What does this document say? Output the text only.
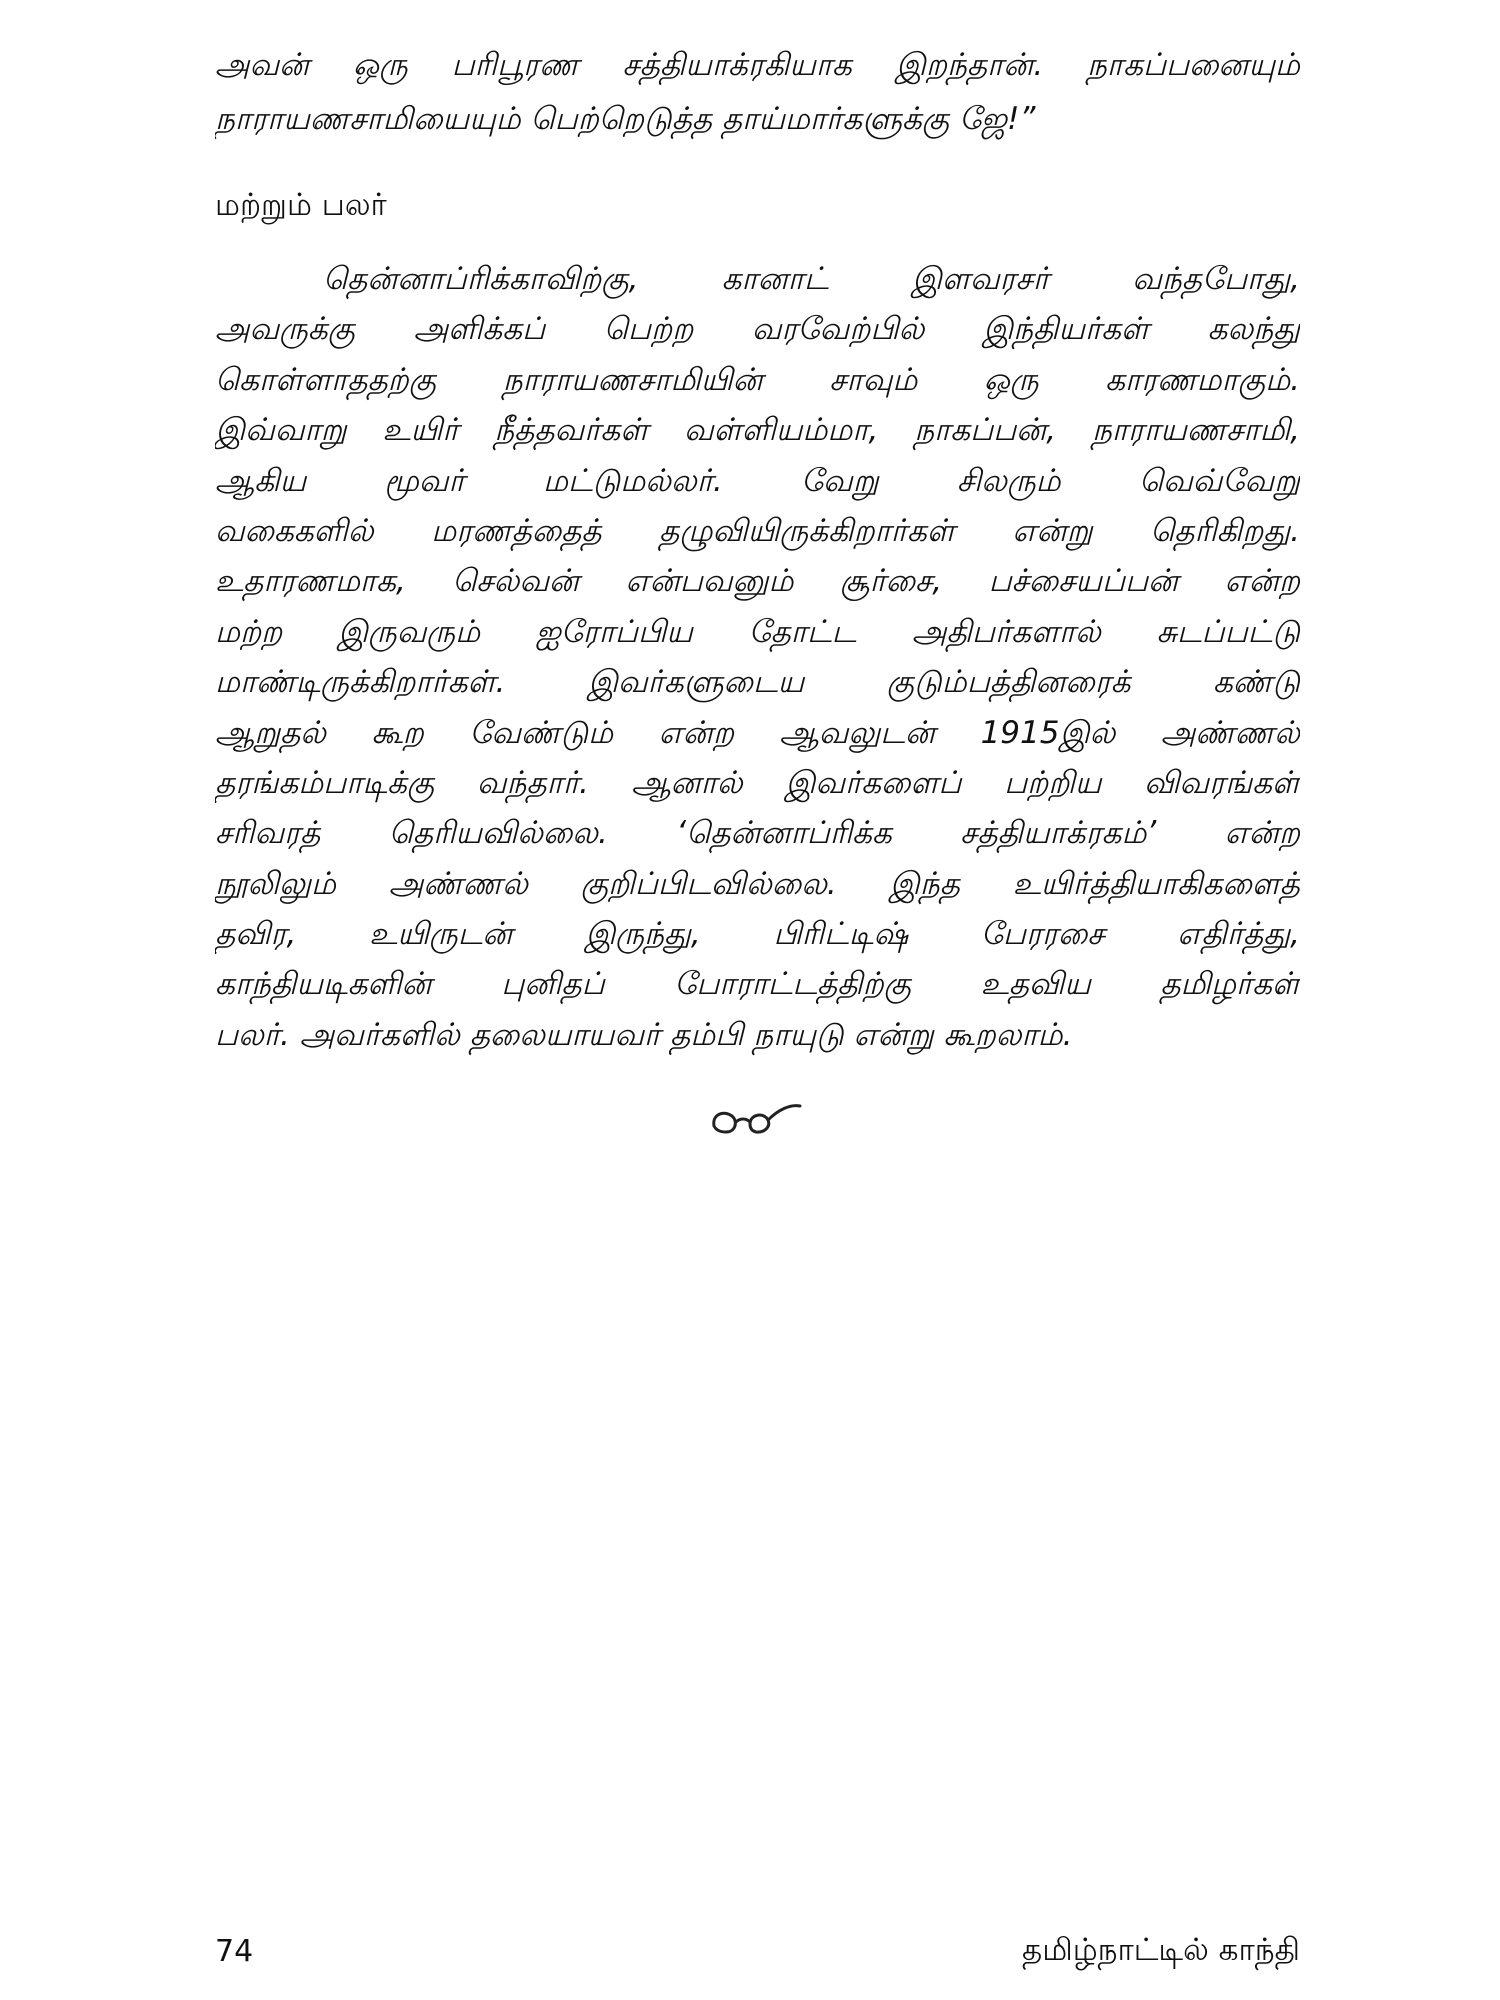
அவன் ஒரு பரிபூரண சத்தியாக்ரகியாக இறந்தான். நாகப்பனையும்
நாராயணசாமியையும் பெற்றெடுத்த தாய்மார்களுக்கு ஜே!”
மற்றும் பலர்
தென்னாப்ரிக்காவிற்கு, கானாட் இளவரசர் வந்தபோது,
அவருக்கு அளிக்கப் பெற்ற வரவேற்பில் இந்தியர்கள் கலந்து
கொள்ளாததற்கு நாராயணசாமியின் சாவும் ஒரு காரணமாகும்.
இவ்வாறு உயிர் நீத்தவர்கள் வள்ளியம்மா, நாகப்பன், நாராயணசாமி,
ஆகிய மூவர் மட்டுமல்லர். வேறு சிலரும் வெவ்வேறு
வகைகளில் மரணத்தைத் தழுவியிருக்கிறார்கள் என்று தெரிகிறது.
உதாரணமாக, செல்வன் என்பவனும் சூர்சை, பச்சையப்பன் என்ற
மற்ற இருவரும் ஐரோப்பிய தோட்ட அதிபர்களால் சுடப்பட்டு
மாண்டிருக்கிறார்கள். இவர்களுடைய குடும்பத்தினரைக் கண்டு
ஆறுதல் கூற வேண்டும் என்ற ஆவலுடன் 1915இல் அண்ணல்
தரங்கம்பாடிக்கு வந்தார். ஆனால் இவர்களைப் பற்றிய விவரங்கள்
சரிவரத் தெரியவில்லை. ‘தென்னாப்ரிக்க சத்தியாக்ரகம்’ என்ற
நூலிலும் அண்ணல் குறிப்பிடவில்லை. இந்த உயிர்த்தியாகிகளைத்
தவிர, உயிருடன் இருந்து, பிரிட்டிஷ் பேரரசை எதிர்த்து,
காந்தியடிகளின் புனிதப் போராட்டத்திற்கு உதவிய தமிழர்கள்
பலர். அவர்களில் தலையாயவர் தம்பி நாயுடு என்று கூறலாம்.
74	தமிழ்நாட்டில் காந்தி
